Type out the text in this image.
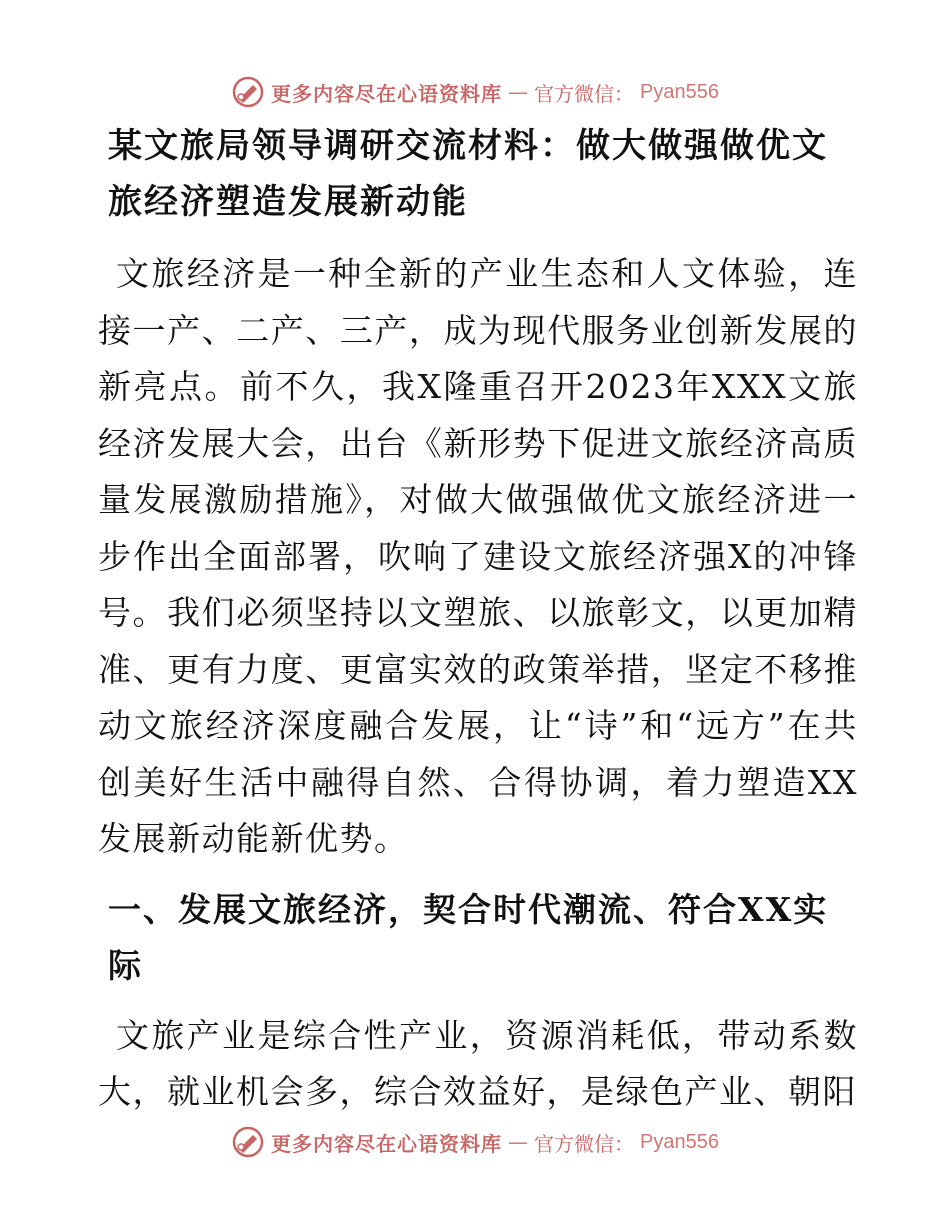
更多内容尽在心语资料库 — 官方微信： Pyan556
某文旅局领导调研交流材料：做大做强做优文旅经济塑造发展新动能

文旅经济是一种全新的产业生态和人文体验，连接一产、二产、三产，成为现代服务业创新发展的新亮点。前不久，我X隆重召开2023年XXX文旅经济发展大会，出台《新形势下促进文旅经济高质量发展激励措施》，对做大做强做优文旅经济进一步作出全面部署，吹响了建设文旅经济强X的冲锋号。我们必须坚持以文塑旅、以旅彰文，以更加精准、更有力度、更富实效的政策举措，坚定不移推动文旅经济深度融合发展，让“诗”和“远方”在共创美好生活中融得自然、合得协调，着力塑造XX发展新动能新优势。

一、发展文旅经济，契合时代潮流、符合XX实际

文旅产业是综合性产业，资源消耗低，带动系数大，就业机会多，综合效益好，是绿色产业、朝阳

更多内容尽在心语资料库 — 官方微信： Pyan556
